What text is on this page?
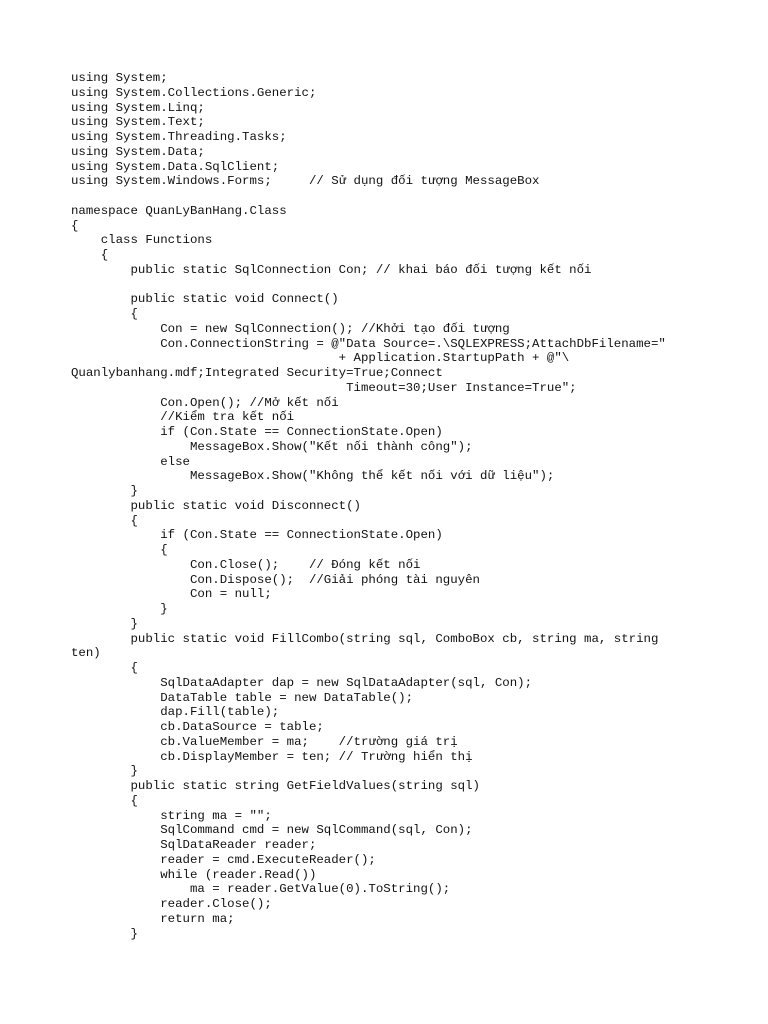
using System;
using System.Collections.Generic;
using System.Linq;
using System.Text;
using System.Threading.Tasks;
using System.Data;
using System.Data.SqlClient;
using System.Windows.Forms;     // Sử dụng đối tượng MessageBox

namespace QuanLyBanHang.Class
{
class Functions
{
public static SqlConnection Con; // khai báo đối tượng kết nối

public static void Connect()
{
Con = new SqlConnection(); //Khởi tạo đối tượng
Con.ConnectionString = @"Data Source=.\SQLEXPRESS;AttachDbFilename="
+ Application.StartupPath + @"\
Quanlybanhang.mdf;Integrated Security=True;Connect
Timeout=30;User Instance=True";
Con.Open(); //Mở kết nối
//Kiểm tra kết nối
if (Con.State == ConnectionState.Open)
MessageBox.Show("Kết nối thành công");
else
MessageBox.Show("Không thể kết nối với dữ liệu");
}
public static void Disconnect()
{
if (Con.State == ConnectionState.Open)
{
Con.Close();    // Đóng kết nối
Con.Dispose();  //Giải phóng tài nguyên
Con = null;
}
}
public static void FillCombo(string sql, ComboBox cb, string ma, string
ten)
{
SqlDataAdapter dap = new SqlDataAdapter(sql, Con);
DataTable table = new DataTable();
dap.Fill(table);
cb.DataSource = table;
cb.ValueMember = ma;    //trường giá trị
cb.DisplayMember = ten; // Trường hiển thị
}
public static string GetFieldValues(string sql)
{
string ma = "";
SqlCommand cmd = new SqlCommand(sql, Con);
SqlDataReader reader;
reader = cmd.ExecuteReader();
while (reader.Read())
ma = reader.GetValue(0).ToString();
reader.Close();
return ma;
}
